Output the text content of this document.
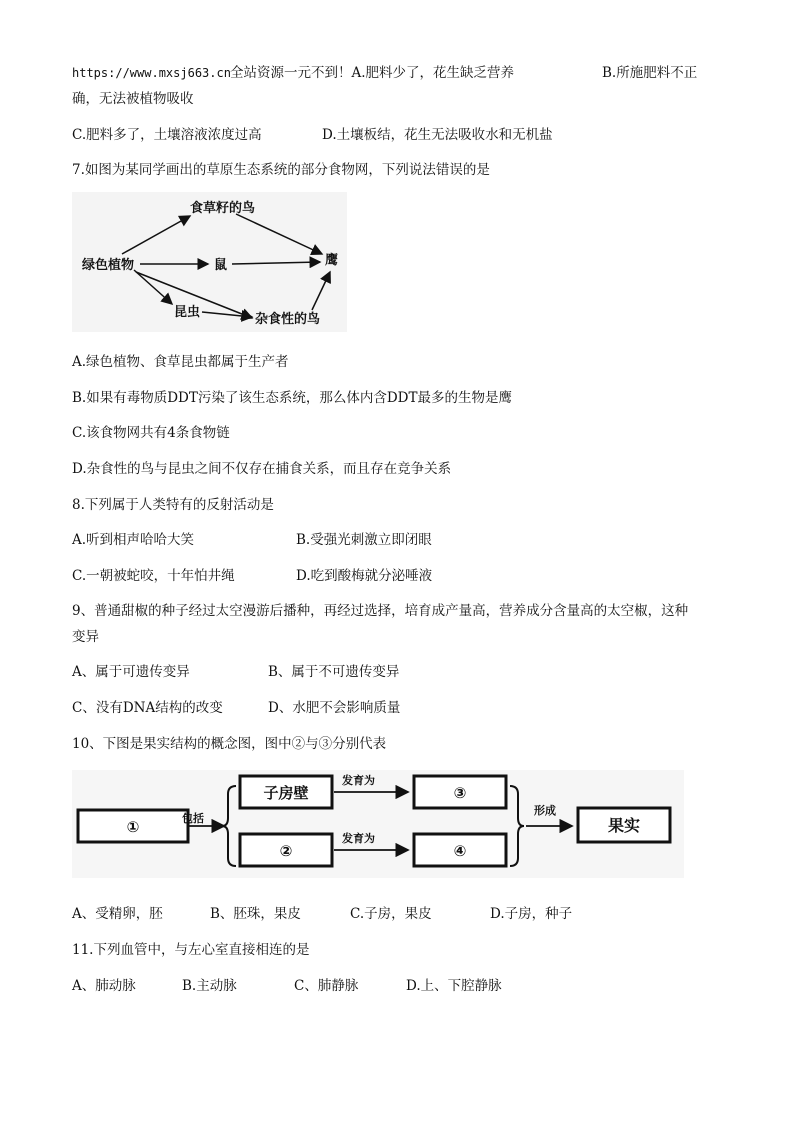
https://www.mxsj663.cn 全站资源一元不到！A.肥料少了，花生缺乏营养	B.所施肥料不正
确，无法被植物吸收
C.肥料多了，土壤溶液浓度过高	D.土壤板结，花生无法吸收水和无机盐
7.如图为某同学画出的草原生态系统的部分食物网，下列说法错误的是
绿色植物
食草籽的鸟
鼠	鹰
昆虫	杂食性的鸟
A.绿色植物、食草昆虫都属于生产者
B.如果有毒物质DDT污染了该生态系统，那么体内含DDT最多的生物是鹰
C.该食物网共有4条食物链
D.杂食性的鸟与昆虫之间不仅存在捕食关系，而且存在竞争关系
8.下列属于人类特有的反射活动是
A.听到相声哈哈大笑	B.受强光刺激立即闭眼
C.一朝被蛇咬，十年怕井绳	D.吃到酸梅就分泌唾液
9、普通甜椒的种子经过太空漫游后播种，再经过选择，培育成产量高，营养成分含量高的太空椒，这种
变异
A、属于可遗传变异	B、属于不可遗传变异
C、没有DNA结构的改变	D、水肥不会影响质量
10、下图是果实结构的概念图，图中②与③分别代表
①	包括
子房壁
②
发育为
发育为
③
④
形成
果实
A、受精卵，胚	B、胚珠，果皮	C.子房，果皮	D.子房，种子
11.下列血管中，与左心室直接相连的是
A、肺动脉	B.主动脉	C、肺静脉	D.上、下腔静脉
